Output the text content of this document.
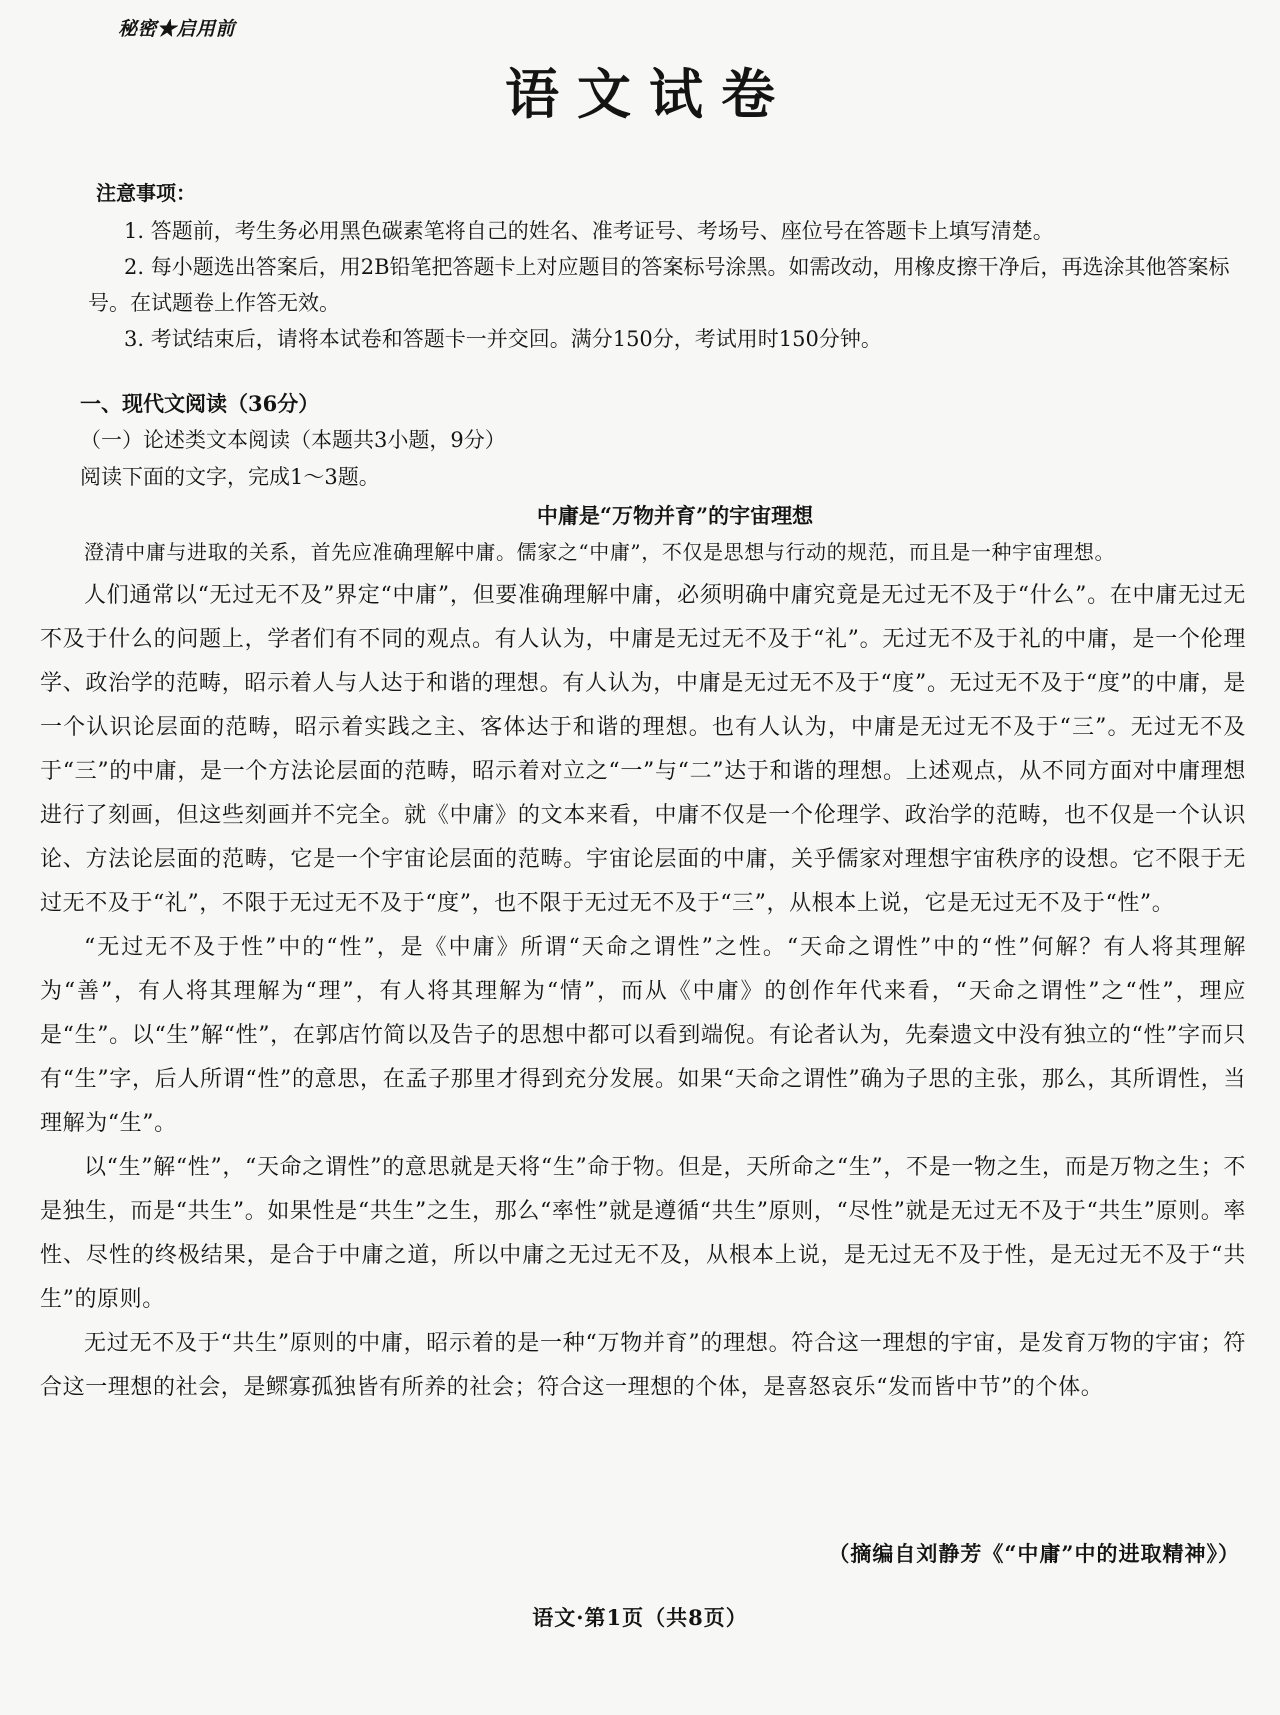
秘密★启用前
语文试卷
注意事项：
1. 答题前，考生务必用黑色碳素笔将自己的姓名、准考证号、考场号、座位号在答题卡上填写清楚。
2. 每小题选出答案后，用2B铅笔把答题卡上对应题目的答案标号涂黑。如需改动，用橡皮擦干净后，再选涂其他答案标号。在试题卷上作答无效。
3. 考试结束后，请将本试卷和答题卡一并交回。满分150分，考试用时150分钟。
一、现代文阅读（36分）
（一）论述类文本阅读（本题共3小题，9分）
阅读下面的文字，完成1～3题。
中庸是“万物并育”的宇宙理想

澄清中庸与进取的关系，首先应准确理解中庸。儒家之“中庸”，不仅是思想与行动的规范，而且是一种宇宙理想。

人们通常以“无过无不及”界定“中庸”，但要准确理解中庸，必须明确中庸究竟是无过无不及于“什么”。在中庸无过无不及于什么的问题上，学者们有不同的观点。有人认为，中庸是无过无不及于“礼”。无过无不及于礼的中庸，是一个伦理学、政治学的范畴，昭示着人与人达于和谐的理想。有人认为，中庸是无过无不及于“度”。无过无不及于“度”的中庸，是一个认识论层面的范畴，昭示着实践之主、客体达于和谐的理想。也有人认为，中庸是无过无不及于“三”。无过无不及于“三”的中庸，是一个方法论层面的范畴，昭示着对立之“一”与“二”达于和谐的理想。上述观点，从不同方面对中庸理想进行了刻画，但这些刻画并不完全。就《中庸》的文本来看，中庸不仅是一个伦理学、政治学的范畴，也不仅是一个认识论、方法论层面的范畴，它是一个宇宙论层面的范畴。宇宙论层面的中庸，关乎儒家对理想宇宙秩序的设想。它不限于无过无不及于“礼”，不限于无过无不及于“度”，也不限于无过无不及于“三”，从根本上说，它是无过无不及于“性”。

“无过无不及于性”中的“性”，是《中庸》所谓“天命之谓性”之性。“天命之谓性”中的“性”何解？有人将其理解为“善”，有人将其理解为“理”，有人将其理解为“情”，而从《中庸》的创作年代来看，“天命之谓性”之“性”，理应是“生”。以“生”解“性”，在郭店竹简以及告子的思想中都可以看到端倪。有论者认为，先秦遗文中没有独立的“性”字而只有“生”字，后人所谓“性”的意思，在孟子那里才得到充分发展。如果“天命之谓性”确为子思的主张，那么，其所谓性，当理解为“生”。

以“生”解“性”，“天命之谓性”的意思就是天将“生”命于物。但是，天所命之“生”，不是一物之生，而是万物之生；不是独生，而是“共生”。如果性是“共生”之生，那么“率性”就是遵循“共生”原则，“尽性”就是无过无不及于“共生”原则。率性、尽性的终极结果，是合于中庸之道，所以中庸之无过无不及，从根本上说，是无过无不及于性，是无过无不及于“共生”的原则。

无过无不及于“共生”原则的中庸，昭示着的是一种“万物并育”的理想。符合这一理想的宇宙，是发育万物的宇宙；符合这一理想的社会，是鳏寡孤独皆有所养的社会；符合这一理想的个体，是喜怒哀乐“发而皆中节”的个体。

（摘编自刘静芳《“中庸”中的进取精神》）
语文·第1页（共8页）
